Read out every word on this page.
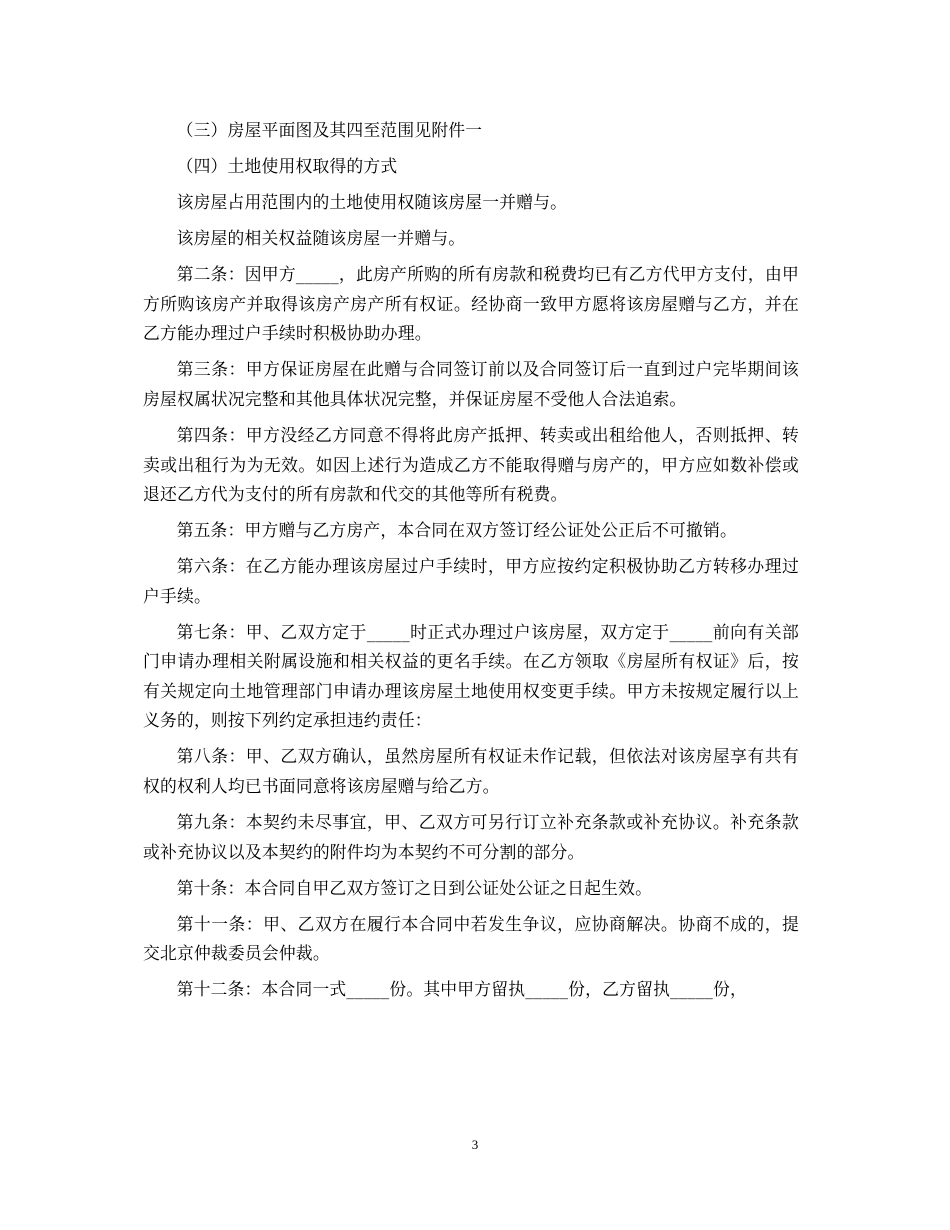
（三）房屋平面图及其四至范围见附件一

（四）土地使用权取得的方式

该房屋占用范围内的土地使用权随该房屋一并赠与。

该房屋的相关权益随该房屋一并赠与。

第二条：因甲方_____，此房产所购的所有房款和税费均已有乙方代甲方支付，由甲方所购该房产并取得该房产房产所有权证。经协商一致甲方愿将该房屋赠与乙方，并在乙方能办理过户手续时积极协助办理。

第三条：甲方保证房屋在此赠与合同签订前以及合同签订后一直到过户完毕期间该房屋权属状况完整和其他具体状况完整，并保证房屋不受他人合法追索。

第四条：甲方没经乙方同意不得将此房产抵押、转卖或出租给他人，否则抵押、转卖或出租行为为无效。如因上述行为造成乙方不能取得赠与房产的，甲方应如数补偿或退还乙方代为支付的所有房款和代交的其他等所有税费。

第五条：甲方赠与乙方房产，本合同在双方签订经公证处公正后不可撤销。

第六条：在乙方能办理该房屋过户手续时，甲方应按约定积极协助乙方转移办理过户手续。

第七条：甲、乙双方定于_____时正式办理过户该房屋，双方定于_____前向有关部门申请办理相关附属设施和相关权益的更名手续。在乙方领取《房屋所有权证》后，按有关规定向土地管理部门申请办理该房屋土地使用权变更手续。甲方未按规定履行以上义务的，则按下列约定承担违约责任：

第八条：甲、乙双方确认，虽然房屋所有权证未作记载，但依法对该房屋享有共有权的权利人均已书面同意将该房屋赠与给乙方。

第九条：本契约未尽事宜，甲、乙双方可另行订立补充条款或补充协议。补充条款或补充协议以及本契约的附件均为本契约不可分割的部分。

第十条：本合同自甲乙双方签订之日到公证处公证之日起生效。

第十一条：甲、乙双方在履行本合同中若发生争议，应协商解决。协商不成的，提交北京仲裁委员会仲裁。

第十二条：本合同一式_____份。其中甲方留执_____份，乙方留执_____份，

3
